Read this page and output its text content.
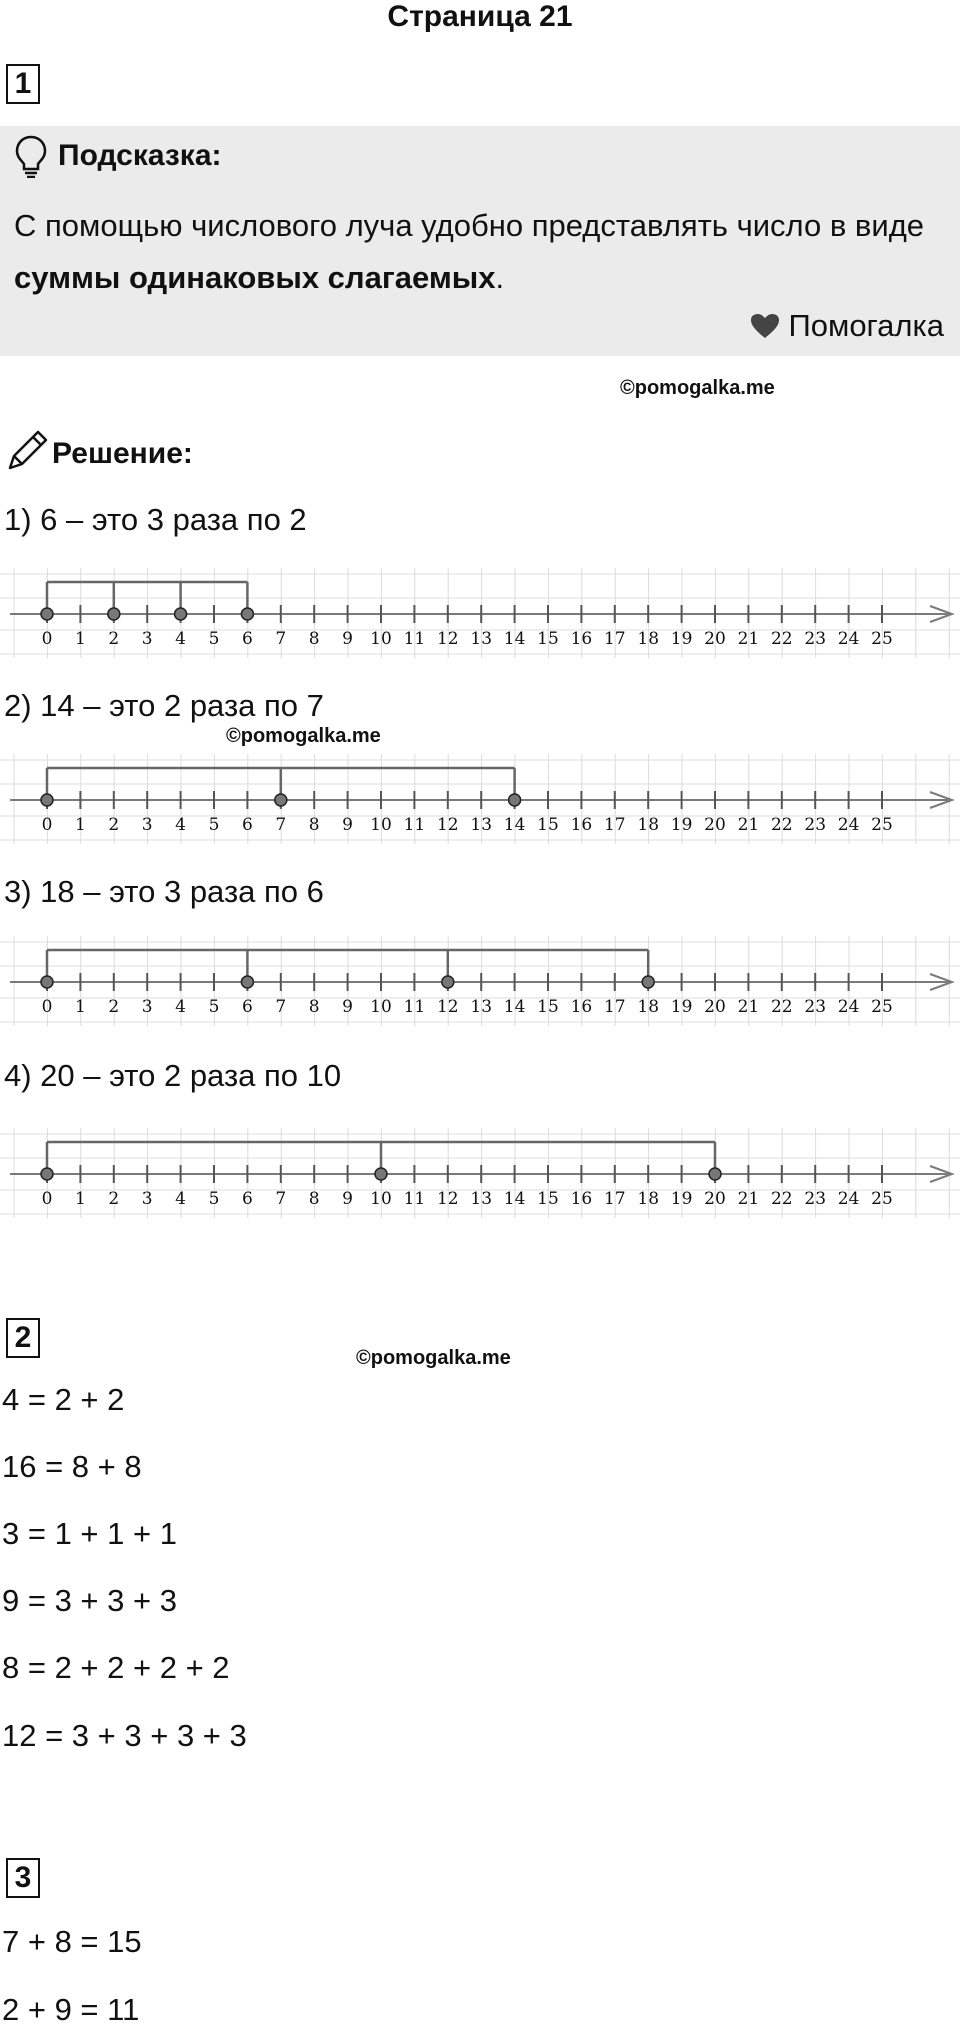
Страница 21
1
Подсказка:
С помощью числового луча удобно представлять число в виде суммы одинаковых слагаемых.
Помогалка
©pomogalka.me
Решение:
1) 6 – это 3 раза по 2
0 1 2 3 4 5 6 7 8 9 10 11 12 13 14 15 16 17 18 19 20 21 22 23 24 25
2) 14 – это 2 раза по 7
©pomogalka.me
0 1 2 3 4 5 6 7 8 9 10 11 12 13 14 15 16 17 18 19 20 21 22 23 24 25
3) 18 – это 3 раза по 6
0 1 2 3 4 5 6 7 8 9 10 11 12 13 14 15 16 17 18 19 20 21 22 23 24 25
4) 20 – это 2 раза по 10
0 1 2 3 4 5 6 7 8 9 10 11 12 13 14 15 16 17 18 19 20 21 22 23 24 25
2
©pomogalka.me
4 = 2 + 2
16 = 8 + 8
3 = 1 + 1 + 1
9 = 3 + 3 + 3
8 = 2 + 2 + 2 + 2
12 = 3 + 3 + 3 + 3
3
7 + 8 = 15
2 + 9 = 11
